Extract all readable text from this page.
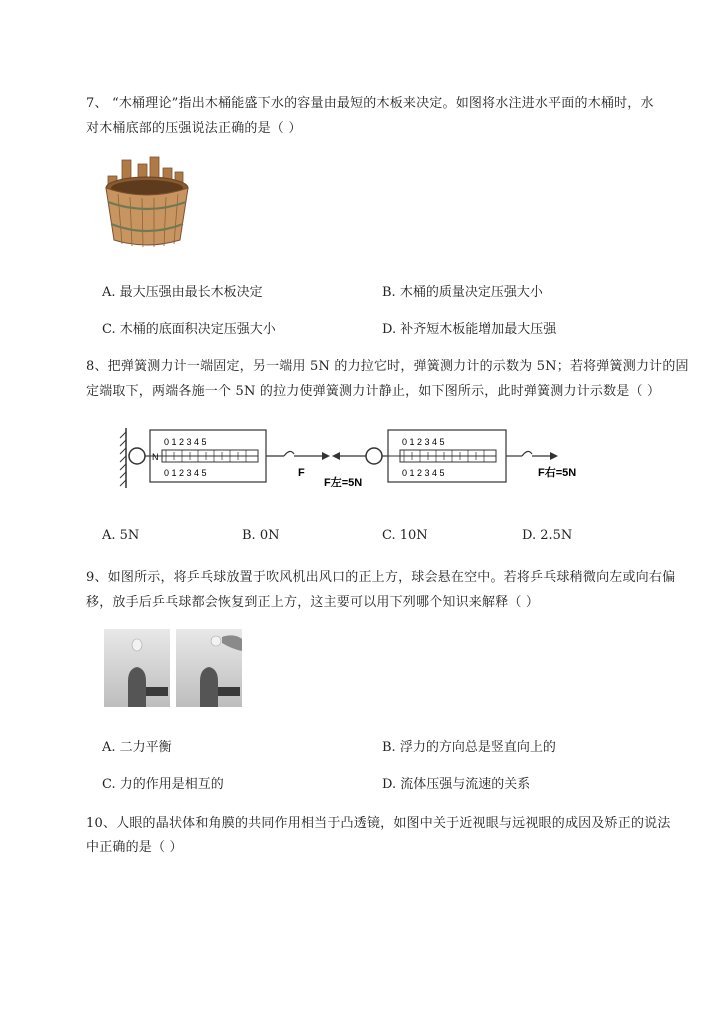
7、 “木桶理论”指出木桶能盛下水的容量由最短的木板来决定。如图将水注进水平面的木桶时，水
对木桶底部的压强说法正确的是（ ）
A. 最大压强由最长木板决定	B. 木桶的质量决定压强大小
C. 木桶的底面积决定压强大小	D. 补齐短木板能增加最大压强
8、把弹簧测力计一端固定，另一端用 5N 的力拉它时，弹簧测力计的示数为 5N；若将弹簧测力计的固
定端取下，两端各施一个 5N 的拉力使弹簧测力计静止，如下图所示，此时弹簧测力计示数是（ ）
0 1 2 3 4 5
0 1 2 3 4 5
N
F
F左=5N
0 1 2 3 4 5
0 1 2 3 4 5	F右=5N
A. 5N	B. 0N	C. 10N	D. 2.5N
9、如图所示，将乒乓球放置于吹风机出风口的正上方，球会悬在空中。若将乒乓球稍微向左或向右偏
移，放手后乒乓球都会恢复到正上方，这主要可以用下列哪个知识来解释（ ）
A. 二力平衡	B. 浮力的方向总是竖直向上的
C. 力的作用是相互的	D. 流体压强与流速的关系
10、人眼的晶状体和角膜的共同作用相当于凸透镜，如图中关于近视眼与远视眼的成因及矫正的说法
中正确的是（ ）
